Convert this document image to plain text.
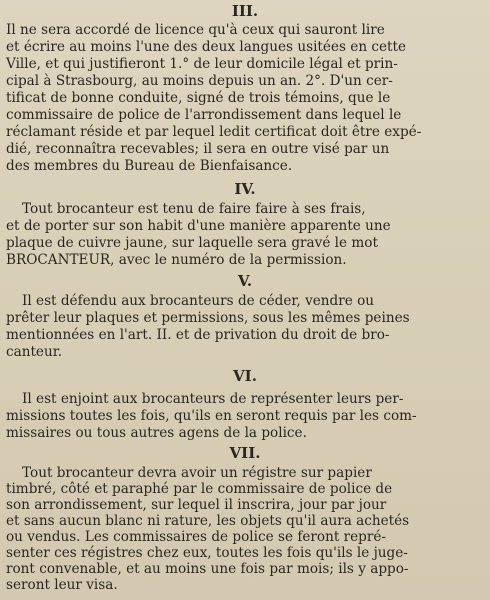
III.
Il ne sera accordé de licence qu'à ceux qui sauront lire
et écrire au moins l'une des deux langues usitées en cette
Ville, et qui justifieront 1.° de leur domicile légal et prin-
cipal à Strasbourg, au moins depuis un an. 2°. D'un cer-
tificat de bonne conduite, signé de trois témoins, que le
commissaire de police de l'arrondissement dans lequel le
réclamant réside et par lequel ledit certificat doit être expé-
dié, reconnaîtra recevables; il sera en outre visé par un
des membres du Bureau de Bienfaisance.
IV.
Tout brocanteur est tenu de faire faire à ses frais,
et de porter sur son habit d'une manière apparente une
plaque de cuivre jaune, sur laquelle sera gravé le mot
BROCANTEUR, avec le numéro de la permission.
V.
Il est défendu aux brocanteurs de céder, vendre ou
prêter leur plaques et permissions, sous les mêmes peines
mentionnées en l'art. II. et de privation du droit de bro-
canteur.
VI.
Il est enjoint aux brocanteurs de représenter leurs per-
missions toutes les fois, qu'ils en seront requis par les com-
missaires ou tous autres agens de la police.
VII.
Tout brocanteur devra avoir un régistre sur papier
timbré, côté et paraphé par le commissaire de police de
son arrondissement, sur lequel il inscrira, jour par jour
et sans aucun blanc ni rature, les objets qu'il aura achetés
ou vendus. Les commissaires de police se feront repré-
senter ces régistres chez eux, toutes les fois qu'ils le juge-
ront convenable, et au moins une fois par mois; ils y appo-
seront leur visa.
